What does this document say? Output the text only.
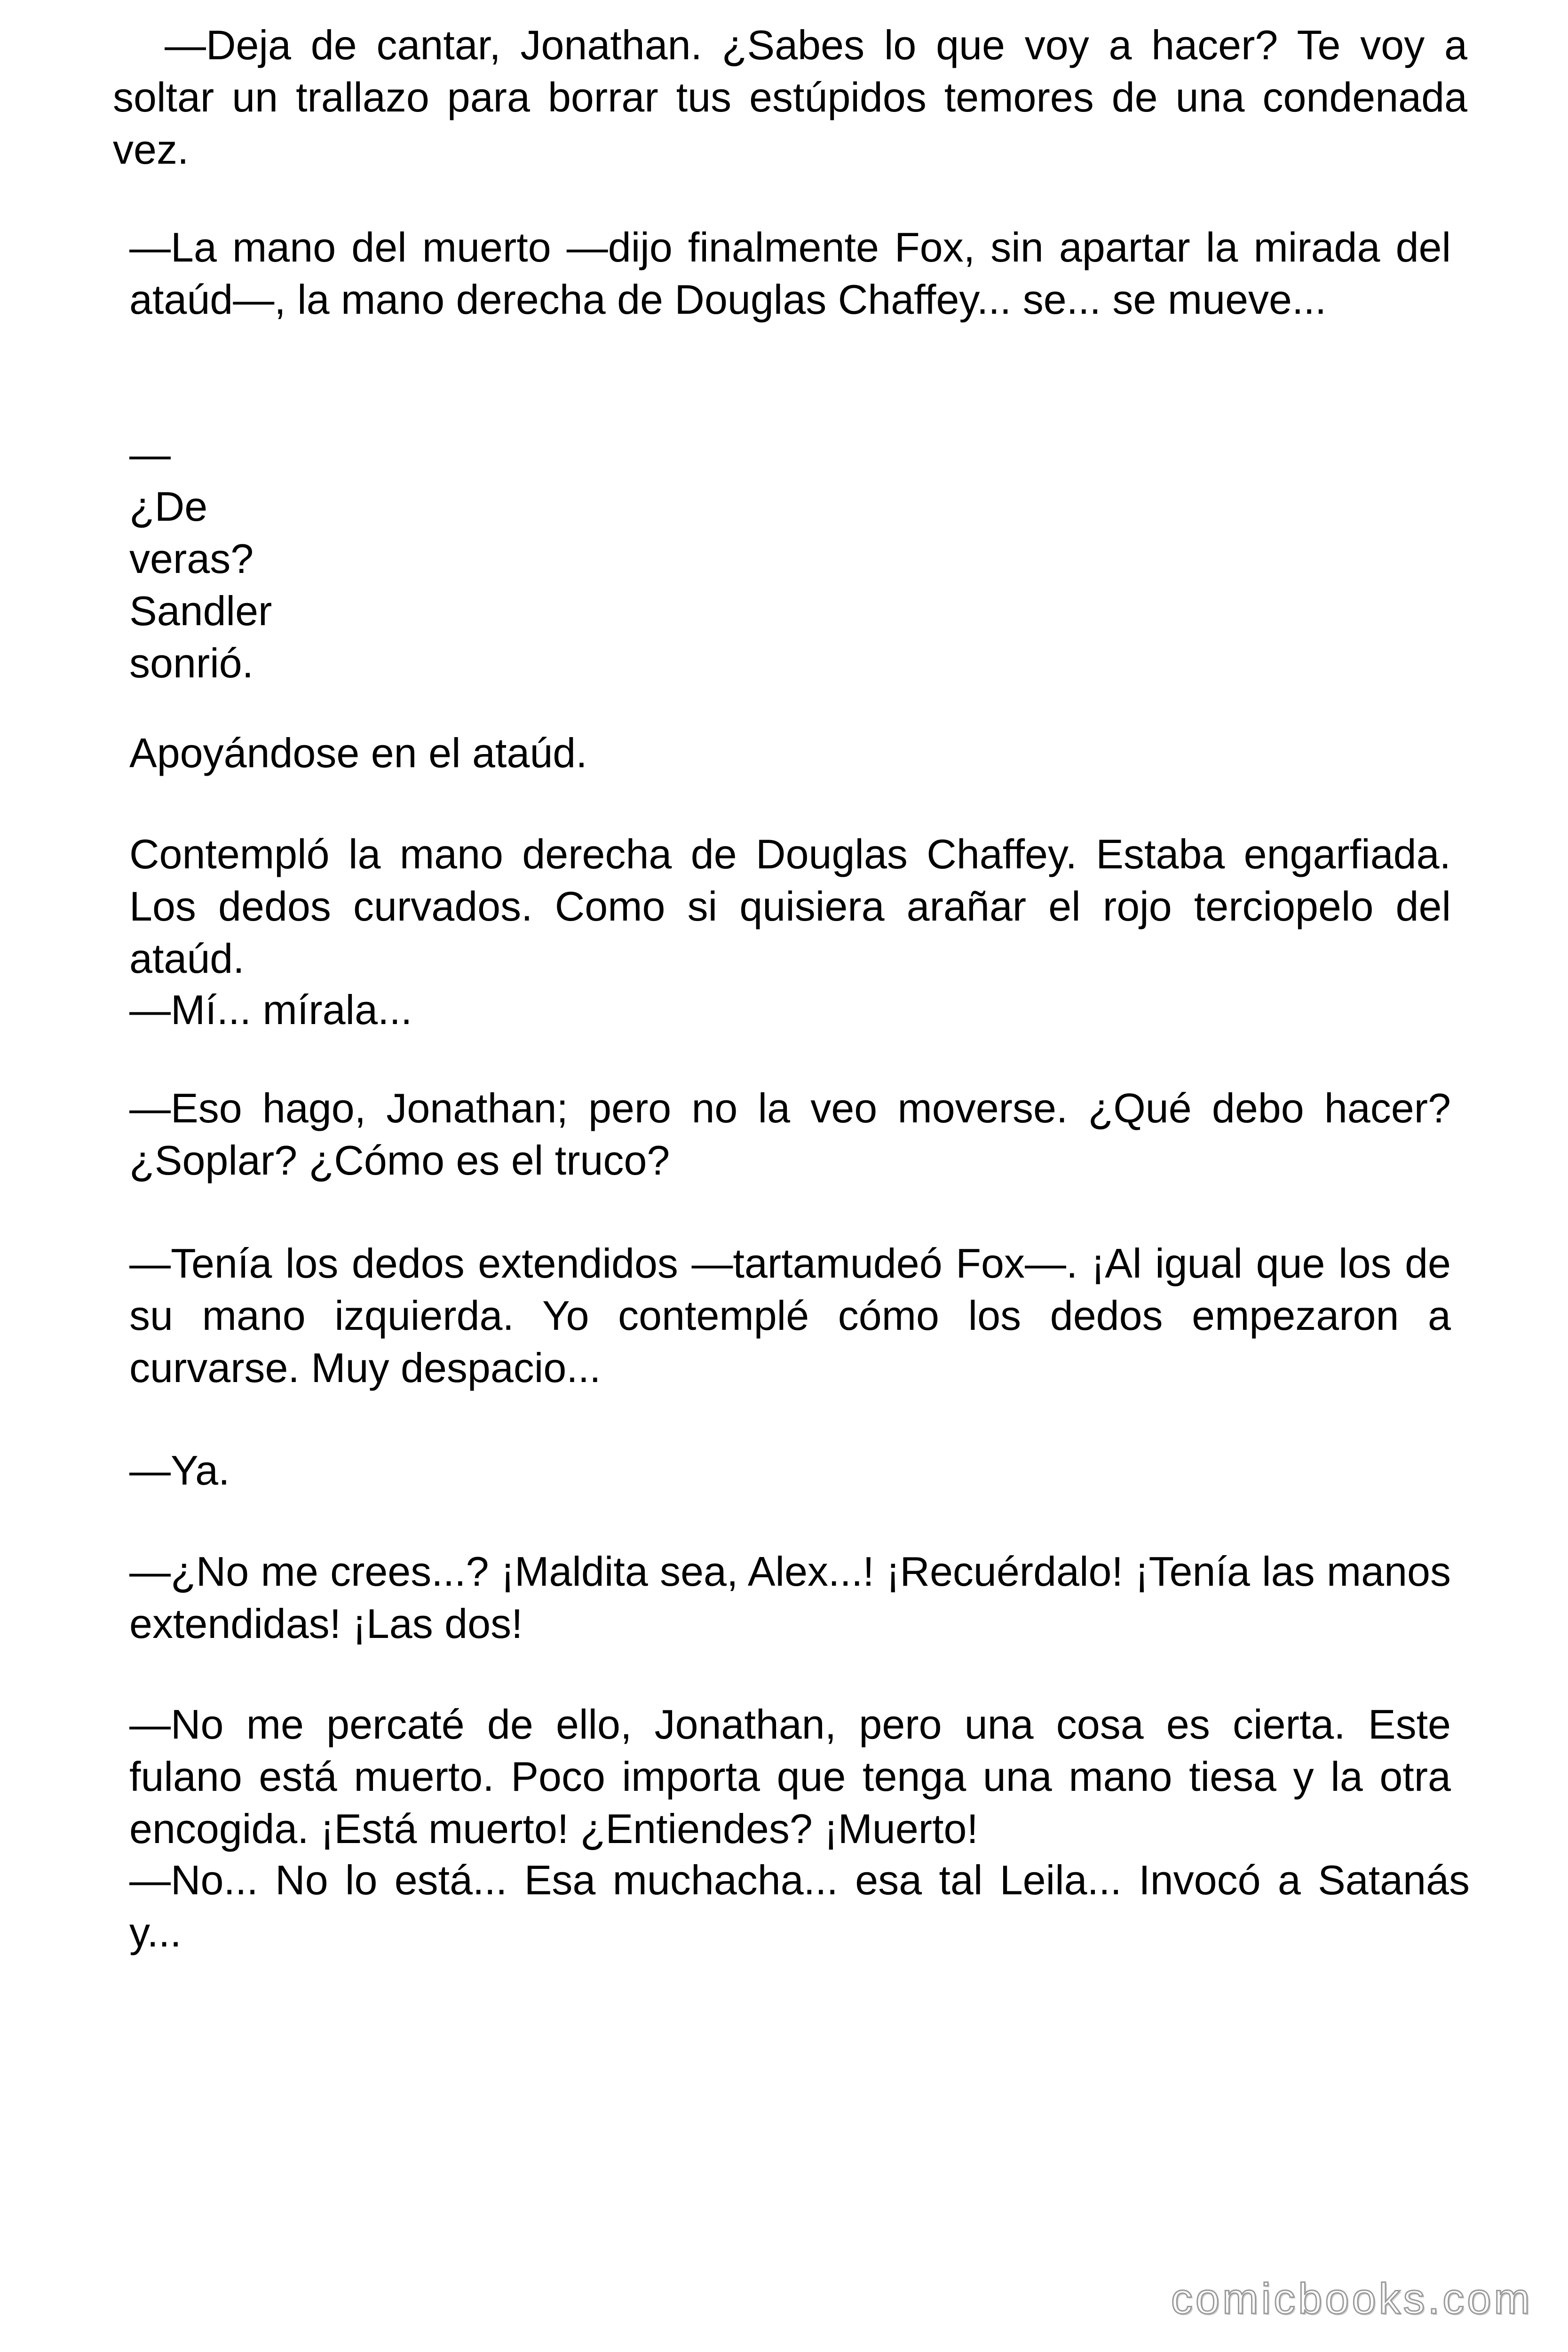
—Deja de cantar, Jonathan. ¿Sabes lo que voy a hacer? Te voy a soltar un trallazo para borrar tus estúpidos temores de una condenada vez.

—La mano del muerto —dijo finalmente Fox, sin apartar la mirada del ataúd—, la mano derecha de Douglas Chaffey... se... se mueve...

—
¿De
veras?
Sandler
sonrió.

Apoyándose en el ataúd.

Contempló la mano derecha de Douglas Chaffey. Estaba engarfiada. Los dedos curvados. Como si quisiera arañar el rojo terciopelo del ataúd.

—Mí... mírala...

—Eso hago, Jonathan; pero no la veo moverse. ¿Qué debo hacer? ¿Soplar? ¿Cómo es el truco?

—Tenía los dedos extendidos —tartamudeó Fox—. ¡Al igual que los de su mano izquierda. Yo contemplé cómo los dedos empezaron a curvarse. Muy despacio...

—Ya.

—¿No me crees...? ¡Maldita sea, Alex...! ¡Recuérdalo! ¡Tenía las manos extendidas! ¡Las dos!

—No me percaté de ello, Jonathan, pero una cosa es cierta. Este fulano está muerto. Poco importa que tenga una mano tiesa y la otra encogida. ¡Está muerto! ¿Entiendes? ¡Muerto!

—No... No lo está... Esa muchacha... esa tal Leila... Invocó a Satanás y...

comicbooks.com
